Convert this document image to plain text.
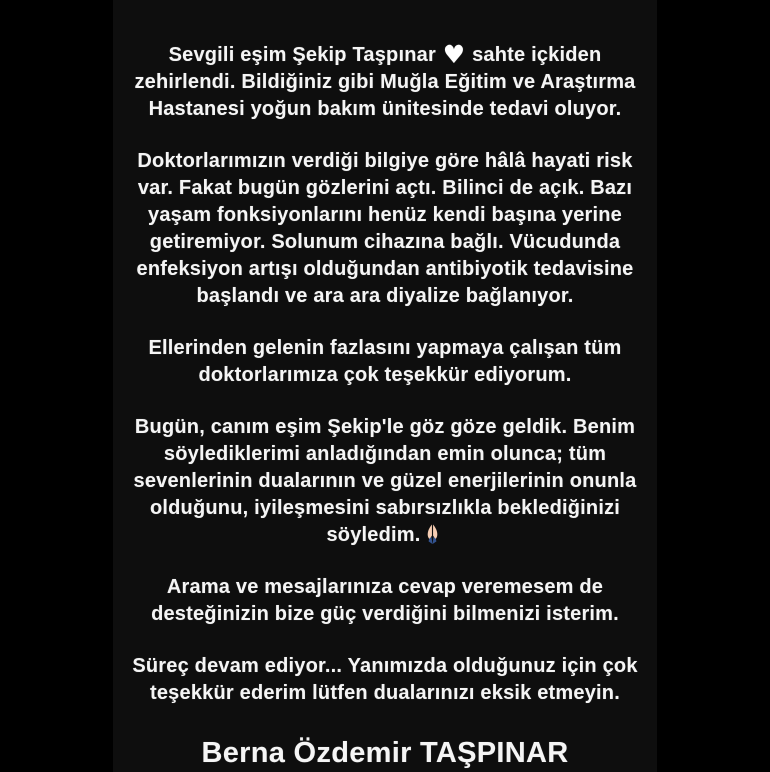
Sevgili eşim Şekip Taşpınar ♥ sahte içkiden zehirlendi. Bildiğiniz gibi Muğla Eğitim ve Araştırma Hastanesi yoğun bakım ünitesinde tedavi oluyor.

Doktorlarımızın verdiği bilgiye göre hâlâ hayati risk var. Fakat bugün gözlerini açtı. Bilinci de açık. Bazı yaşam fonksiyonlarını henüz kendi başına yerine getiremiyor. Solunum cihazına bağlı. Vücudunda enfeksiyon artışı olduğundan antibiyotik tedavisine başlandı ve ara ara diyalize bağlanıyor.

Ellerinden gelenin fazlasını yapmaya çalışan tüm doktorlarımıza çok teşekkür ediyorum.

Bugün, canım eşim Şekip'le göz göze geldik. Benim söylediklerimi anladığından emin olunca; tüm sevenlerinin dualarının ve güzel enerjilerinin onunla olduğunu, iyileşmesini sabırsızlıkla beklediğinizi söyledim.

Arama ve mesajlarınıza cevap veremesem de desteğinizin bize güç verdiğini bilmenizi isterim.

Süreç devam ediyor... Yanımızda olduğunuz için çok teşekkür ederim lütfen dualarınızı eksik etmeyin.

Berna Özdemir TAŞPINAR
